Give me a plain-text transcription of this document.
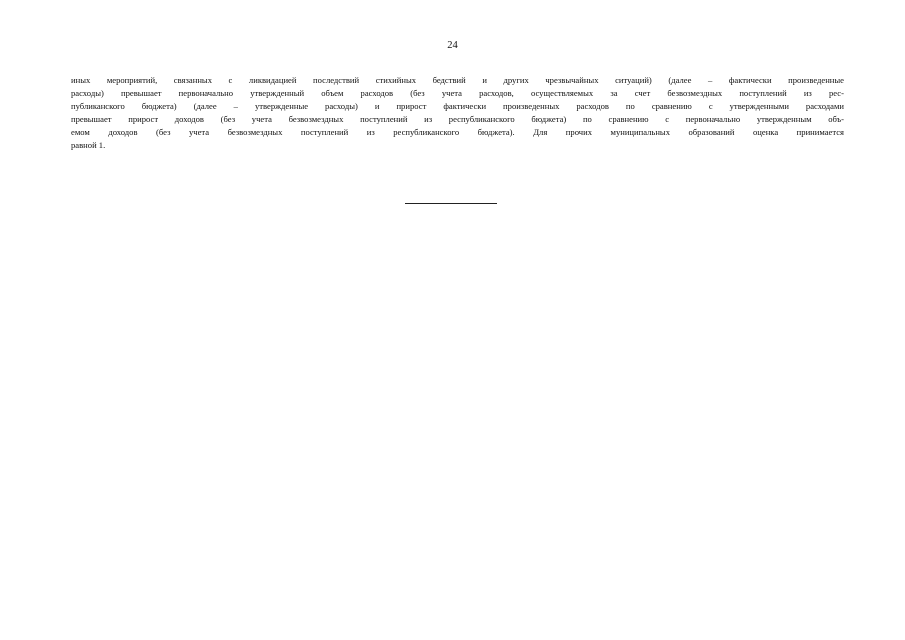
24
иных мероприятий, связанных с ликвидацией последствий стихийных бедствий и других чрезвычайных ситуаций) (далее – фактически произведенные
расходы) превышает первоначально утвержденный объем расходов (без учета расходов, осуществляемых за счет безвозмездных поступлений из рес-
публиканского бюджета) (далее – утвержденные расходы) и прирост фактически произведенных расходов по сравнению с утвержденными расходами
превышает прирост доходов (без учета безвозмездных поступлений из республиканского бюджета) по сравнению с первоначально утвержденным объ-
емом доходов (без учета безвозмездных поступлений из республиканского бюджета). Для прочих муниципальных образований оценка принимается
равной 1.
